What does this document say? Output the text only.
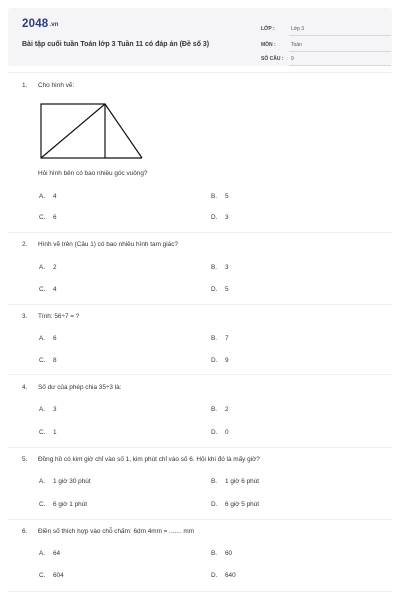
2048.vn
Bài tập cuối tuần Toán lớp 3 Tuần 11 có đáp án (Đề số 3)
LỚP :	Lớp 3
MÔN :	Toán
SỐ CÂU : 9
1. Cho hình vẽ:
Hỏi hình bên có bao nhiêu góc vuông?
A. 4	B. 5
C. 6	D. 3
2. Hình vẽ trên (Câu 1) có bao nhiêu hình tam giác?
A. 2	B. 3
C. 4	D. 5
3. Tính: 56÷7 = ?
A. 6	B. 7
C. 8	D. 9
4. Số dư của phép chia 35÷3 là:
A. 3	B. 2
C. 1	D. 0
5. Đồng hồ có kim giờ chỉ vào số 1, kim phút chỉ vào số 6. Hỏi khi đó là mấy giờ?
A. 1 giờ 30 phút	B. 1 giờ 6 phút
C. 6 giờ 1 phút	D. 6 giờ 5 phút
6. Điền số thích hợp vào chỗ chấm: 6dm 4mm = ....... mm
A. 64	B. 60
C. 604	D. 640
